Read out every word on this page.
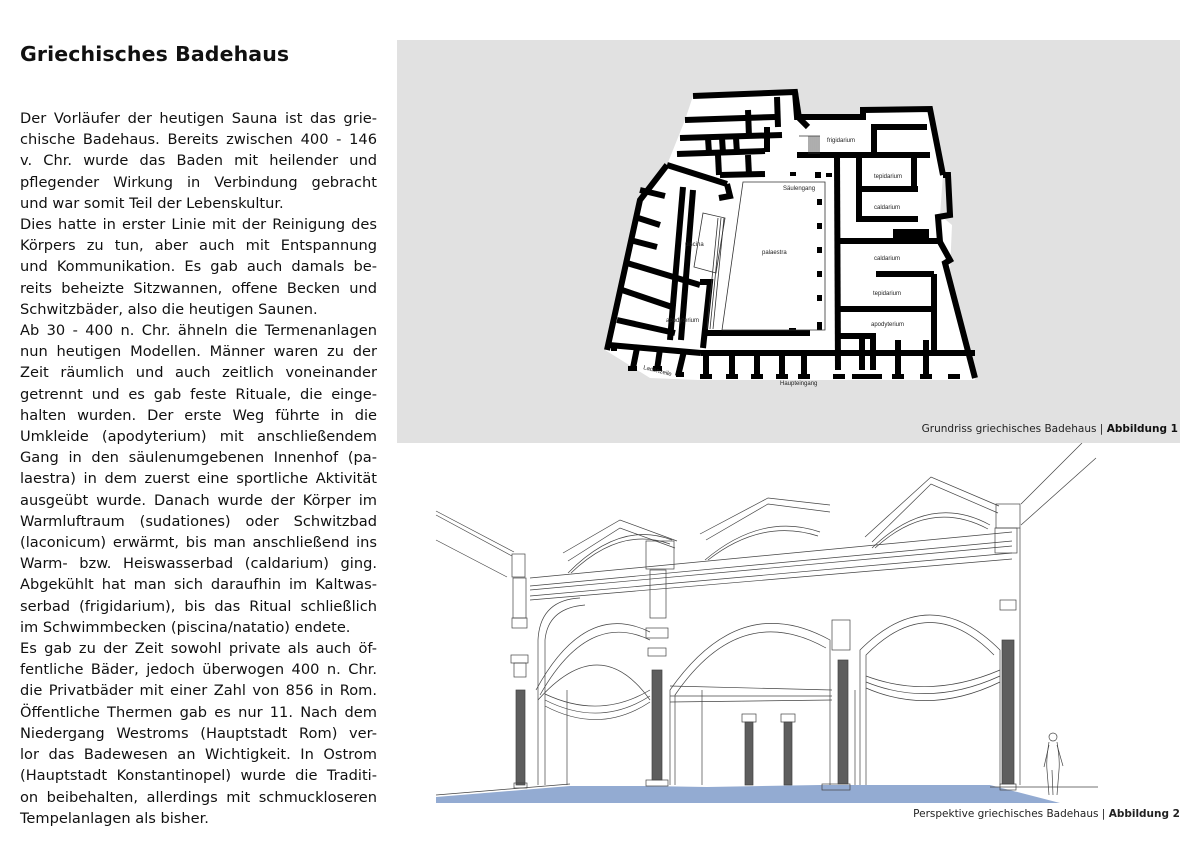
Griechisches Badehaus
Der Vorläufer der heutigen Sauna ist das grie-
chische Badehaus. Bereits zwischen 400 - 146
v. Chr. wurde das Baden mit heilender und
pflegender Wirkung in Verbindung gebracht
und war somit Teil der Lebenskultur.
Dies hatte in erster Linie mit der Reinigung des
Körpers zu tun, aber auch mit Entspannung
und Kommunikation. Es gab auch damals be-
reits beheizte Sitzwannen, offene Becken und
Schwitzbäder, also die heutigen Saunen.
Ab 30 - 400 n. Chr. ähneln die Termenanlagen
nun heutigen Modellen. Männer waren zu der
Zeit räumlich und auch zeitlich voneinander
getrennt und es gab feste Rituale, die einge-
halten wurden. Der erste Weg führte in die
Umkleide (apodyterium) mit anschließendem
Gang in den säulenumgebenen Innenhof (pa-
laestra) in dem zuerst eine sportliche Aktivität
ausgeübt wurde. Danach wurde der Körper im
Warmluftraum (sudationes) oder Schwitzbad
(laconicum) erwärmt, bis man anschließend ins
Warm- bzw. Heiswasserbad (caldarium) ging.
Abgekühlt hat man sich daraufhin im Kaltwas-
serbad (frigidarium), bis das Ritual schließlich
im Schwimmbecken (piscina/natatio) endete.
Es gab zu der Zeit sowohl private als auch öf-
fentliche Bäder, jedoch überwogen 400 n. Chr.
die Privatbäder mit einer Zahl von 856 in Rom.
Öffentliche Thermen gab es nur 11. Nach dem
Niedergang Westroms (Hauptstadt Rom) ver-
lor das Badewesen an Wichtigkeit. In Ostrom
(Hauptstadt Konstantinopel) wurde die Traditi-
on beibehalten, allerdings mit schmuckloseren
Tempelanlagen als bisher.
frigidarium
tepidarium
caldarium
Säulengang
piscina
palaestra
caldarium
tepidarium
apodyterium
apodyterium
Ladenzeile
Haupteingang
Grundriss griechisches Badehaus | Abbildung 1
Perspektive griechisches Badehaus | Abbildung 2
